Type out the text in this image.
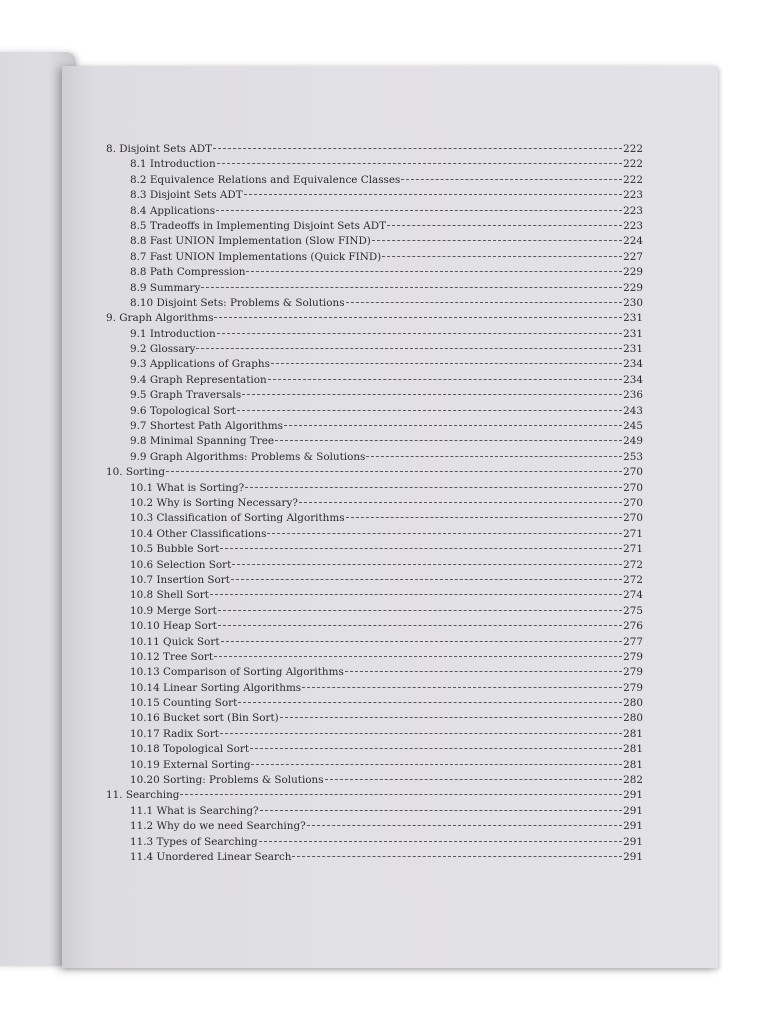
8. Disjoint Sets ADT	222
8.1 Introduction	222
8.2 Equivalence Relations and Equivalence Classes	222
8.3 Disjoint Sets ADT	223
8.4 Applications	223
8.5 Tradeoffs in Implementing Disjoint Sets ADT	223
8.8 Fast UNION Implementation (Slow FIND)	224
8.7 Fast UNION Implementations (Quick FIND)	227
8.8 Path Compression	229
8.9 Summary	229
8.10 Disjoint Sets: Problems & Solutions	230
9. Graph Algorithms	231
9.1 Introduction	231
9.2 Glossary	231
9.3 Applications of Graphs	234
9.4 Graph Representation	234
9.5 Graph Traversals	236
9.6 Topological Sort	243
9.7 Shortest Path Algorithms	245
9.8 Minimal Spanning Tree	249
9.9 Graph Algorithms: Problems & Solutions	253
10. Sorting	270
10.1 What is Sorting?	270
10.2 Why is Sorting Necessary?	270
10.3 Classification of Sorting Algorithms	270
10.4 Other Classifications	271
10.5 Bubble Sort	271
10.6 Selection Sort	272
10.7 Insertion Sort	272
10.8 Shell Sort	274
10.9 Merge Sort	275
10.10 Heap Sort	276
10.11 Quick Sort	277
10.12 Tree Sort	279
10.13 Comparison of Sorting Algorithms	279
10.14 Linear Sorting Algorithms	279
10.15 Counting Sort	280
10.16 Bucket sort (Bin Sort)	280
10.17 Radix Sort	281
10.18 Topological Sort	281
10.19 External Sorting	281
10.20 Sorting: Problems & Solutions	282
11. Searching	291
11.1 What is Searching?	291
11.2 Why do we need Searching?	291
11.3 Types of Searching	291
11.4 Unordered Linear Search	291
